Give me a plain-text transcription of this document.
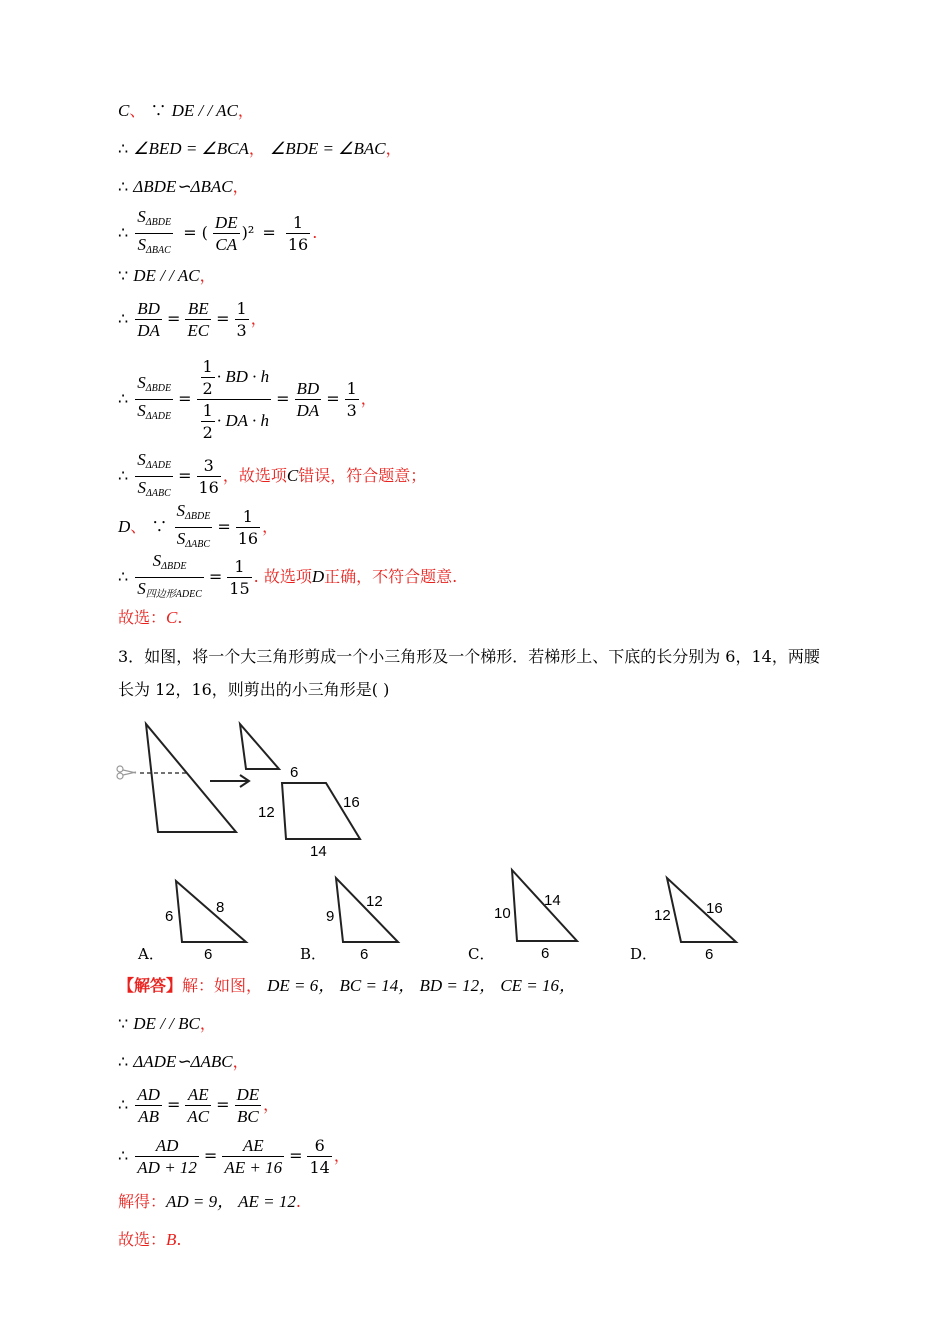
C、 ∵ DE / / AC，
∴ ∠BED = ∠BCA， ∠BDE = ∠BAC，
∴ ΔBDE∽ΔBAC，
∴ $\frac{S_{\Delta BDE}}{S_{\Delta BAC}}$ = ( $\frac{DE}{CA} )^2 = \frac{1}{16}$ .
∵ DE / / AC，
∴ $\frac{BD}{DA} = \frac{BE}{EC} = \frac{1}{3}$ ，
∴ $\frac{S_{\Delta BDE}}{S_{\Delta ADE}} = \frac{\frac{1}{2} \cdot BD \cdot h}{\frac{1}{2} \cdot DA \cdot h} = \frac{BD}{DA} = \frac{1}{3}$ ，
∴ $\frac{S_{\Delta ADE}}{S_{\Delta ABC}} = \frac{3}{16}$ ，故选项C错误，符合题意；
D、 ∵ $\frac{S_{\Delta BDE}}{S_{\Delta ABC}} = \frac{1}{16}$ ，
∴ $\frac{S_{\Delta BDE}}{S_{四边形ADEC}} = \frac{1}{15}$ . 故选项D正确，不符合题意.
故选：C.
3．如图，将一个大三角形剪成一个小三角形及一个梯形．若梯形上、下底的长分别为 6，14，两腰
长为 12，16，则剪出的小三角形是( )
6
12
16
14
6
8
6
A．
9
12
6
B．
10
14
6
C．
12 16
6
D．
【解答】解：如图， DE = 6， BC = 14， BD = 12， CE = 16，
∵ DE / / BC，
∴ ΔADE∽ΔABC，
∴ $\frac{AD}{AB} = \frac{AE}{AC} = \frac{DE}{BC}$ ，
∴ $\frac{AD}{AD + 12} = \frac{AE}{AE + 16} = \frac{6}{14}$ ，
解得：AD = 9， AE = 12.
故选：B.
